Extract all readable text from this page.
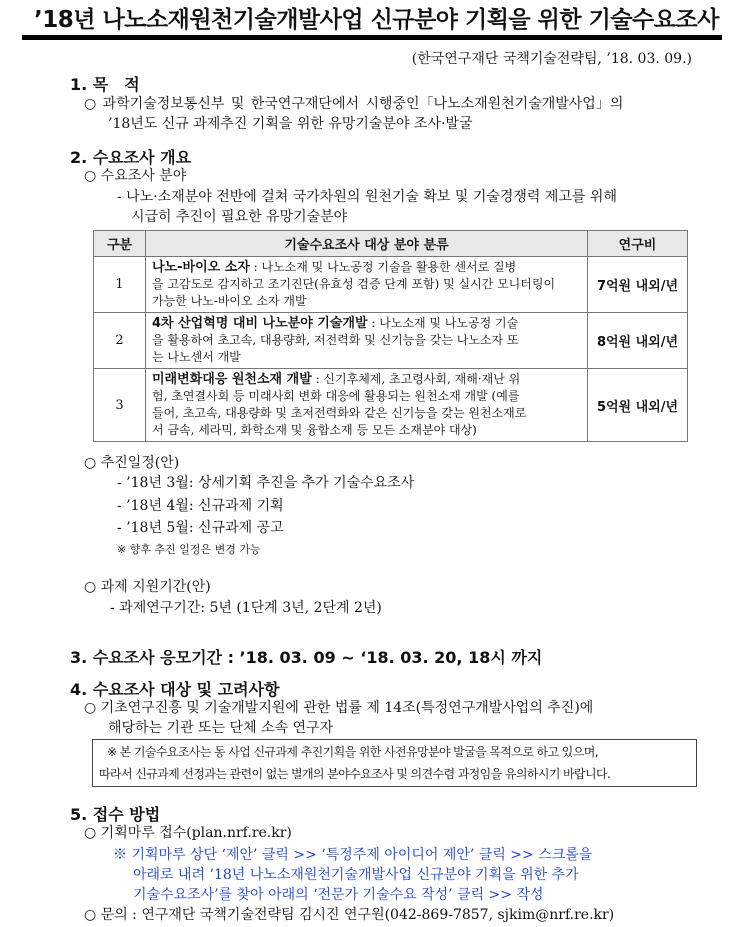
’18년 나노소재원천기술개발사업 신규분야 기획을 위한 기술수요조사
(한국연구재단 국책기술전략팀, ’18. 03. 09.)
1. 목　적
○ 과학기술정보통신부 및 한국연구재단에서 시행중인「나노소재원천기술개발사업」의
’18년도 신규 과제추진 기획을 위한 유망기술분야 조사·발굴
2. 수요조사 개요
○ 수요조사 분야
- 나노·소재분야 전반에 걸쳐 국가차원의 원천기술 확보 및 기술경쟁력 제고를 위해
시급히 추진이 필요한 유망기술분야
구분	기술수요조사 대상 분야 분류	연구비
1	나노-바이오 소자 : 나노소재 및 나노공정 기술을 활용한 센서로 질병
을 고감도로 감지하고 조기진단(유효성 검증 단계 포함) 및 실시간 모니터링이
가능한 나노-바이오 소자 개발	7억원 내외/년
2	4차 산업혁명 대비 나노분야 기술개발 : 나노소재 및 나노공정 기술
을 활용하여 초고속, 대용량화, 저전력화 및 신기능을 갖는 나노소자 또
는 나노센서 개발	8억원 내외/년
3	미래변화대응 원천소재 개발 : 신기후체제, 초고령사회, 재해·재난 위
험, 초연결사회 등 미래사회 변화 대응에 활용되는 원천소재 개발 (예를
들어, 초고속, 대용량화 및 초저전력화와 같은 신기능을 갖는 원천소재로
서 금속, 세라믹, 화학소재 및 융합소재 등 모든 소재분야 대상)	5억원 내외/년
○ 추진일정(안)
- ’18년 3월: 상세기획 추진을 추가 기술수요조사
- ’18년 4월: 신규과제 기획
- ’18년 5월: 신규과제 공고
※ 향후 추진 일정은 변경 가능
○ 과제 지원기간(안)
- 과제연구기간: 5년 (1단계 3년, 2단계 2년)
3. 수요조사 응모기간 : ’18. 03. 09 ~ ‘18. 03. 20, 18시 까지
4. 수요조사 대상 및 고려사항
○ 기초연구진흥 및 기술개발지원에 관한 법률 제 14조(특정연구개발사업의 추진)에
해당하는 기관 또는 단체 소속 연구자
※ 본 기술수요조사는 동 사업 신규과제 추진기획을 위한 사전유망분야 발굴을 목적으로 하고 있으며,
따라서 신규과제 선정과는 관련이 없는 별개의 분야수요조사 및 의견수렴 과정임을 유의하시기 바랍니다.
5. 접수 방법
○ 기획마루 접수(plan.nrf.re.kr)
※ 기획마루 상단 ‘제안’ 클릭 >> ‘특정주제 아이디어 제안’ 클릭 >> 스크롤을
아래로 내려 ’18년 나노소재원천기술개발사업 신규분야 기획을 위한 추가
기술수요조사’를 찾아 아래의 ‘전문가 기술수요 작성’ 클릭 >> 작성
○ 문의 : 연구재단 국책기술전략팀 김시진 연구원(042-869-7857, sjkim@nrf.re.kr)
